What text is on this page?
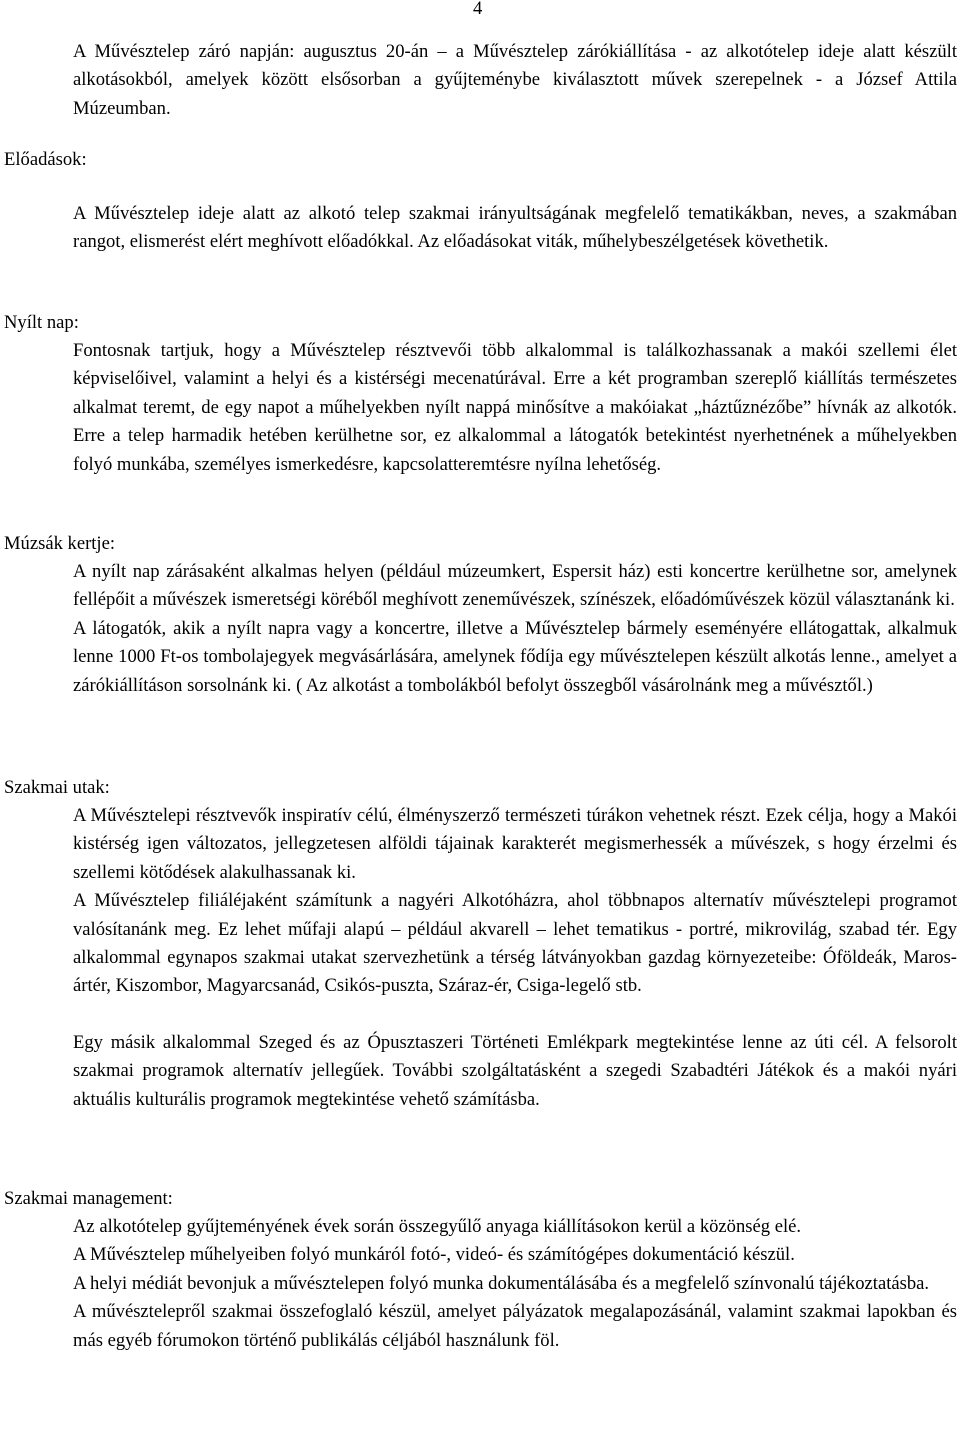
4

A Művésztelep záró napján: augusztus 20-án – a Művésztelep zárókiállítása - az alkotótelep ideje alatt készült alkotásokból, amelyek között elsősorban a gyűjteménybe kiválasztott művek szerepelnek - a József Attila Múzeumban.

Előadások:

A Művésztelep ideje alatt az alkotó telep szakmai irányultságának megfelelő tematikákban, neves, a szakmában rangot, elismerést elért meghívott előadókkal. Az előadásokat viták, műhelybeszélgetések követhetik.

Nyílt nap:

Fontosnak tartjuk, hogy a Művésztelep résztvevői több alkalommal is találkozhassanak a makói szellemi élet képviselőivel, valamint a helyi és a kistérségi mecenatúrával. Erre a két programban szereplő kiállítás természetes alkalmat teremt, de egy napot a műhelyekben nyílt nappá minősítve a makóiakat „háztűznézőbe” hívnák az alkotók. Erre a telep harmadik hetében kerülhetne sor, ez alkalommal a látogatók betekintést nyerhetnének a műhelyekben folyó munkába, személyes ismerkedésre, kapcsolatteremtésre nyílna lehetőség.

Múzsák kertje:

A nyílt nap zárásaként alkalmas helyen (például múzeumkert, Espersit ház) esti koncertre kerülhetne sor, amelynek fellépőit a művészek ismeretségi köréből meghívott zeneművészek, színészek, előadóművészek közül választanánk ki.

A látogatók, akik a nyílt napra vagy a koncertre, illetve a Művésztelep bármely eseményére ellátogattak, alkalmuk lenne 1000 Ft-os tombolajegyek megvásárlására, amelynek fődíja egy művésztelepen készült alkotás lenne., amelyet a zárókiállításon sorsolnánk ki. ( Az alkotást a tombolákból befolyt összegből vásárolnánk meg a művésztől.)

Szakmai utak:

A Művésztelepi résztvevők inspiratív célú, élményszerző természeti túrákon vehetnek részt. Ezek célja, hogy a Makói kistérség igen változatos, jellegzetesen alföldi tájainak karakterét megismerhessék a művészek, s hogy érzelmi és szellemi kötődések alakulhassanak ki.

A Művésztelep filiáléjaként számítunk a nagyéri Alkotóházra, ahol többnapos alternatív művésztelepi programot valósítanánk meg. Ez lehet műfaji alapú – például akvarell – lehet tematikus - portré, mikrovilág, szabad tér. Egy alkalommal egynapos szakmai utakat szervezhetünk a térség látványokban gazdag környezeteibe: Óföldeák, Maros-ártér, Kiszombor, Magyarcsanád, Csikós-puszta, Száraz-ér, Csiga-legelő stb.

Egy másik alkalommal Szeged és az Ópusztaszeri Történeti Emlékpark megtekintése lenne az úti cél. A felsorolt szakmai programok alternatív jellegűek. További szolgáltatásként a szegedi Szabadtéri Játékok és a makói nyári aktuális kulturális programok megtekintése vehető számításba.

Szakmai management:

Az alkotótelep gyűjteményének évek során összegyűlő anyaga kiállításokon kerül a közönség elé.

A Művésztelep műhelyeiben folyó munkáról fotó-, videó- és számítógépes dokumentáció készül.

A helyi médiát bevonjuk a művésztelepen folyó munka dokumentálásába és a megfelelő színvonalú tájékoztatásba.

A művésztelepről szakmai összefoglaló készül, amelyet pályázatok megalapozásánál, valamint szakmai lapokban és más egyéb fórumokon történő publikálás céljából használunk föl.
